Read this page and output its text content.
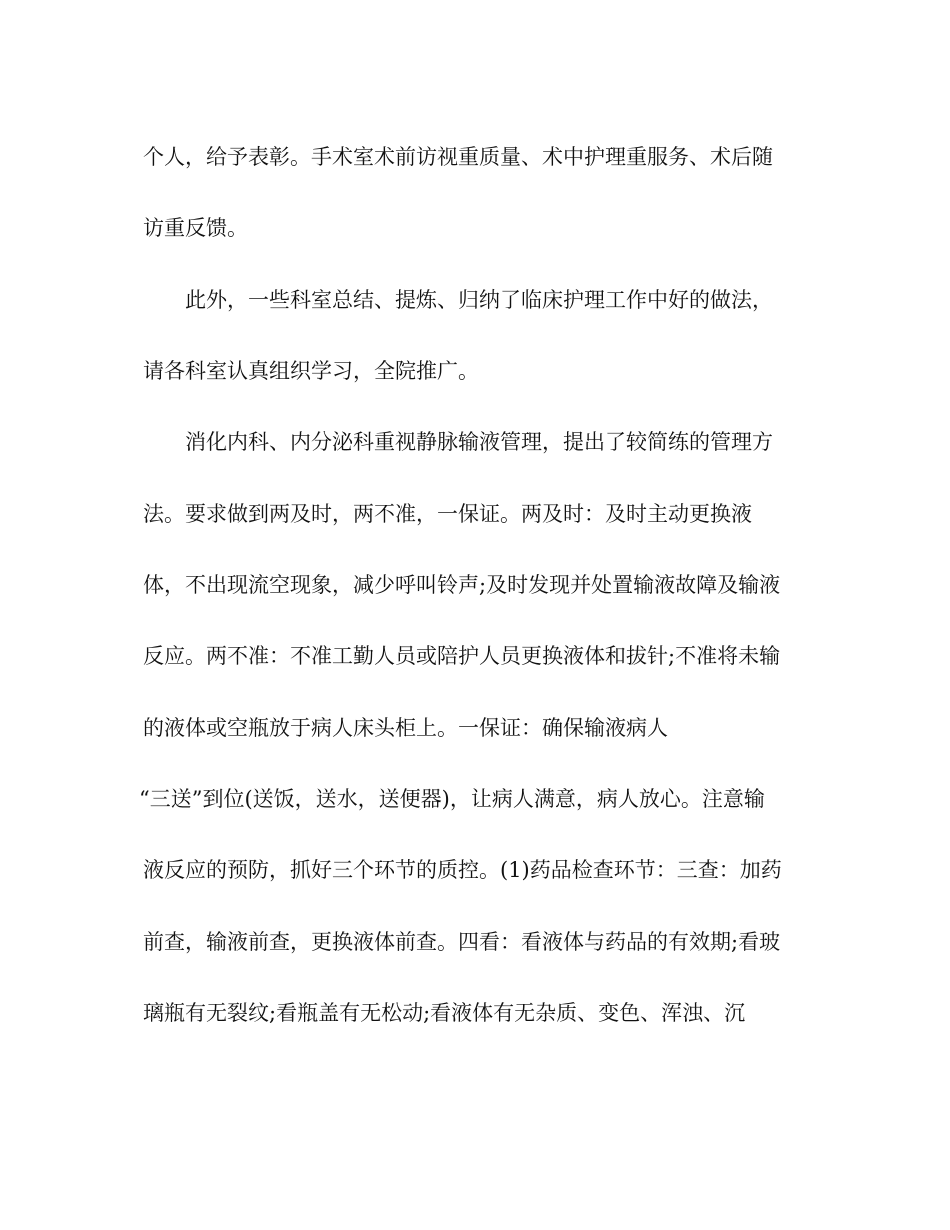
个人，给予表彰。手术室术前访视重质量、术中护理重服务、术后随

访重反馈。

此外，一些科室总结、提炼、归纳了临床护理工作中好的做法，

请各科室认真组织学习，全院推广。

消化内科、内分泌科重视静脉输液管理，提出了较简练的管理方

法。要求做到两及时，两不准，一保证。两及时：及时主动更换液

体，不出现流空现象，减少呼叫铃声;及时发现并处置输液故障及输液

反应。两不准：不准工勤人员或陪护人员更换液体和拔针;不准将未输

的液体或空瓶放于病人床头柜上。一保证：确保输液病人

“三送”到位(送饭，送水，送便器)，让病人满意，病人放心。注意输

液反应的预防，抓好三个环节的质控。(1)药品检查环节：三查：加药

前查，输液前查，更换液体前查。四看：看液体与药品的有效期;看玻

璃瓶有无裂纹;看瓶盖有无松动;看液体有无杂质、变色、浑浊、沉
